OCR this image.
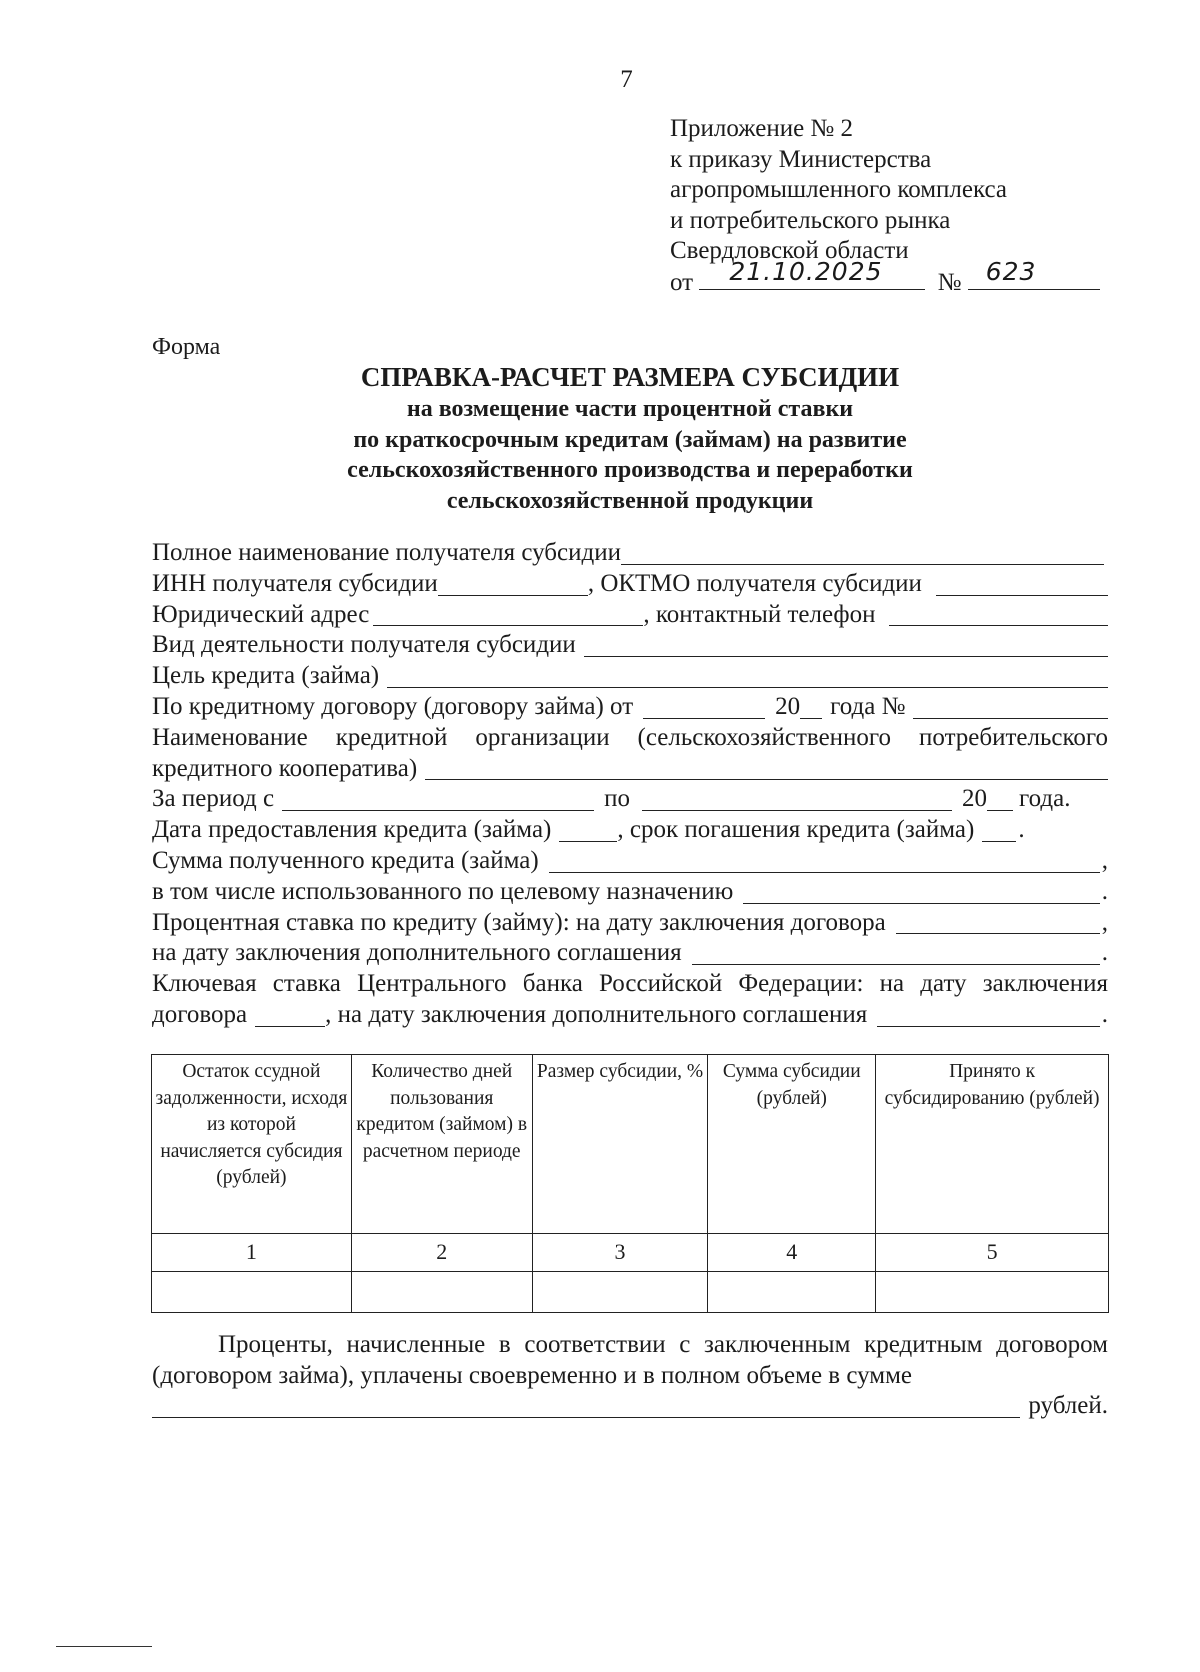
7
Приложение № 2
к приказу Министерства
агропромышленного комплекса
и потребительского рынка
Свердловской области
от 21.10.2025 № 623
Форма
СПРАВКА-РАСЧЕТ РАЗМЕРА СУБСИДИИ
на возмещение части процентной ставки
по краткосрочным кредитам (займам) на развитие
сельскохозяйственного производства и переработки
сельскохозяйственной продукции
Полное наименование получателя субсидии
ИНН получателя субсидии	, ОКТМО получателя субсидии
Юридический адрес	, контактный телефон
Вид деятельности получателя субсидии
Цель кредита (займа)
По кредитному договору (договору займа) от	20 года №
Наименование кредитной организации (сельскохозяйственного потребительского
кредитного кооператива)
За период с	по	20 года.
Дата предоставления кредита (займа)	, срок погашения кредита (займа) .
Сумма полученного кредита (займа)	,
в том числе использованного по целевому назначению	.
Процентная ставка по кредиту (займу): на дату заключения договора	,
на дату заключения дополнительного соглашения	.
Ключевая ставка Центрального банка Российской Федерации: на дату заключения
договора	, на дату заключения дополнительного соглашения	.
Остаток ссудной задолженности, исходя из которой начисляется субсидия (рублей)	Количество дней пользования кредитом (займом) в расчетном периоде	Размер субсидии, %	Сумма субсидии (рублей)	Принято к субсидированию (рублей)
1	2	3	4	5

Проценты, начисленные в соответствии с заключенным кредитным договором (договором займа), уплачены своевременно и в полном объеме в сумме

рублей.
